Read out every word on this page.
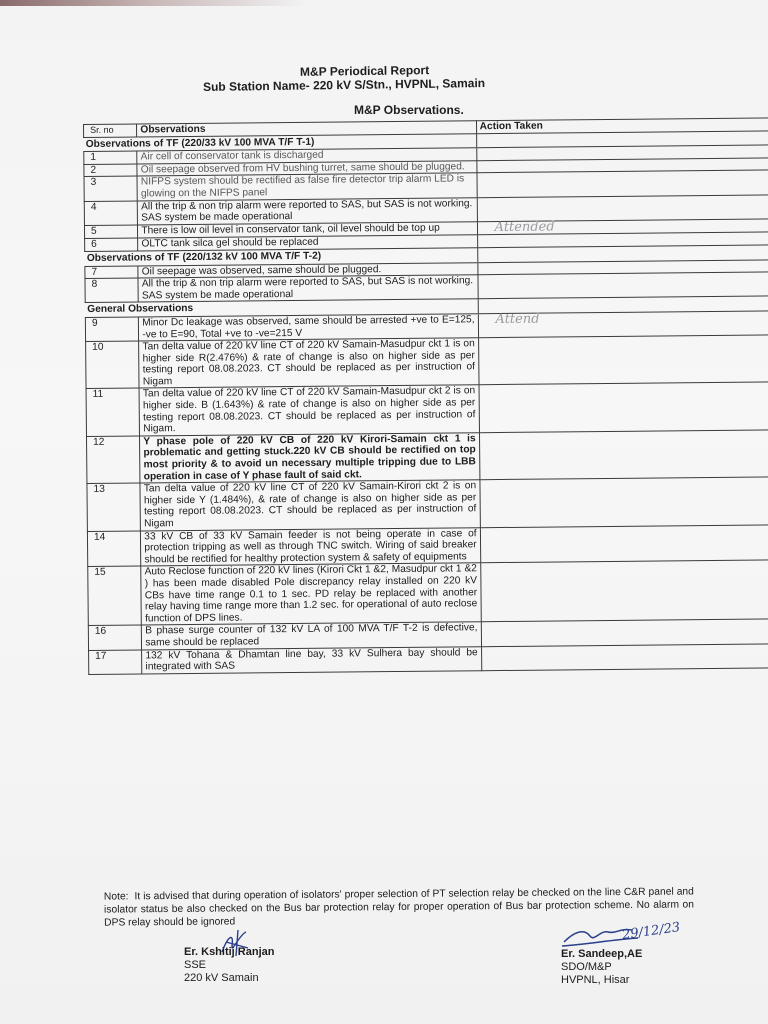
M&P Periodical Report
Sub Station Name- 220 kV S/Stn., HVPNL, Samain
M&P Observations.
Sr. no	Observations	Action Taken
Observations of TF (220/33 kV 100 MVA T/F T-1)		
1	Air cell of conservator tank is discharged	
2	Oil seepage observed from HV bushing turret, same should be plugged.	
3	NIFPS system should be rectified as false fire detector trip alarm LED is glowing on the NIFPS panel	
4	All the trip & non trip alarm were reported to SAS, but SAS is not working. SAS system be made operational	
5	There is low oil level in conservator tank, oil level should be top up	Attended
6	OLTC tank silca gel should be replaced	
Observations of TF (220/132 kV 100 MVA T/F T-2)		
7	Oil seepage was observed, same should be plugged.	
8	All the trip & non trip alarm were reported to SAS, but SAS is not working. SAS system be made operational	
General Observations		
9	Minor Dc leakage was observed, same should be arrested +ve to E=125, -ve to E=90, Total +ve to -ve=215 V	Attend
10	Tan delta value of 220 kV line CT of 220 kV Samain-Masudpur ckt 1 is on higher side R(2.476%) & rate of change is also on higher side as per testing report 08.08.2023. CT should be replaced as per instruction of Nigam	
11	Tan delta value of 220 kV line CT of 220 kV Samain-Masudpur ckt 2 is on higher side. B (1.643%) & rate of change is also on higher side as per testing report 08.08.2023. CT should be replaced as per instruction of Nigam.	
12	Y phase pole of 220 kV CB of 220 kV Kirori-Samain ckt 1 is problematic and getting stuck.220 kV CB should be rectified on top most priority & to avoid un necessary multiple tripping due to LBB operation in case of Y phase fault of said ckt.	
13	Tan delta value of 220 kV line CT of 220 kV Samain-Kirori ckt 2 is on higher side Y (1.484%), & rate of change is also on higher side as per testing report 08.08.2023. CT should be replaced as per instruction of Nigam	
14	33 kV CB of 33 kV Samain feeder is not being operate in case of protection tripping as well as through TNC switch. Wiring of said breaker should be rectified for healthy protection system & safety of equipments	
15	Auto Reclose function of 220 kV lines (Kirori Ckt 1 &2, Masudpur ckt 1 &2 ) has been made disabled Pole discrepancy relay installed on 220 kV CBs have time range 0.1 to 1 sec. PD relay be replaced with another relay having time range more than 1.2 sec. for operational of auto reclose function of DPS lines.	
16	B phase surge counter of 132 kV LA of 100 MVA T/F T-2 is defective, same should be replaced	
17	132 kV Tohana & Dhamtan line bay, 33 kV Sulhera bay should be integrated with SAS	
Note: It is advised that during operation of isolators' proper selection of PT selection relay be checked on the line C&R panel and isolator status be also checked on the Bus bar protection relay for proper operation of Bus bar protection scheme. No alarm on DPS relay should be ignored
Er. Kshitij Ranjan
SSE
220 kV Samain
29/12/23
Er. Sandeep,AE
SDO/M&P
HVPNL, Hisar
